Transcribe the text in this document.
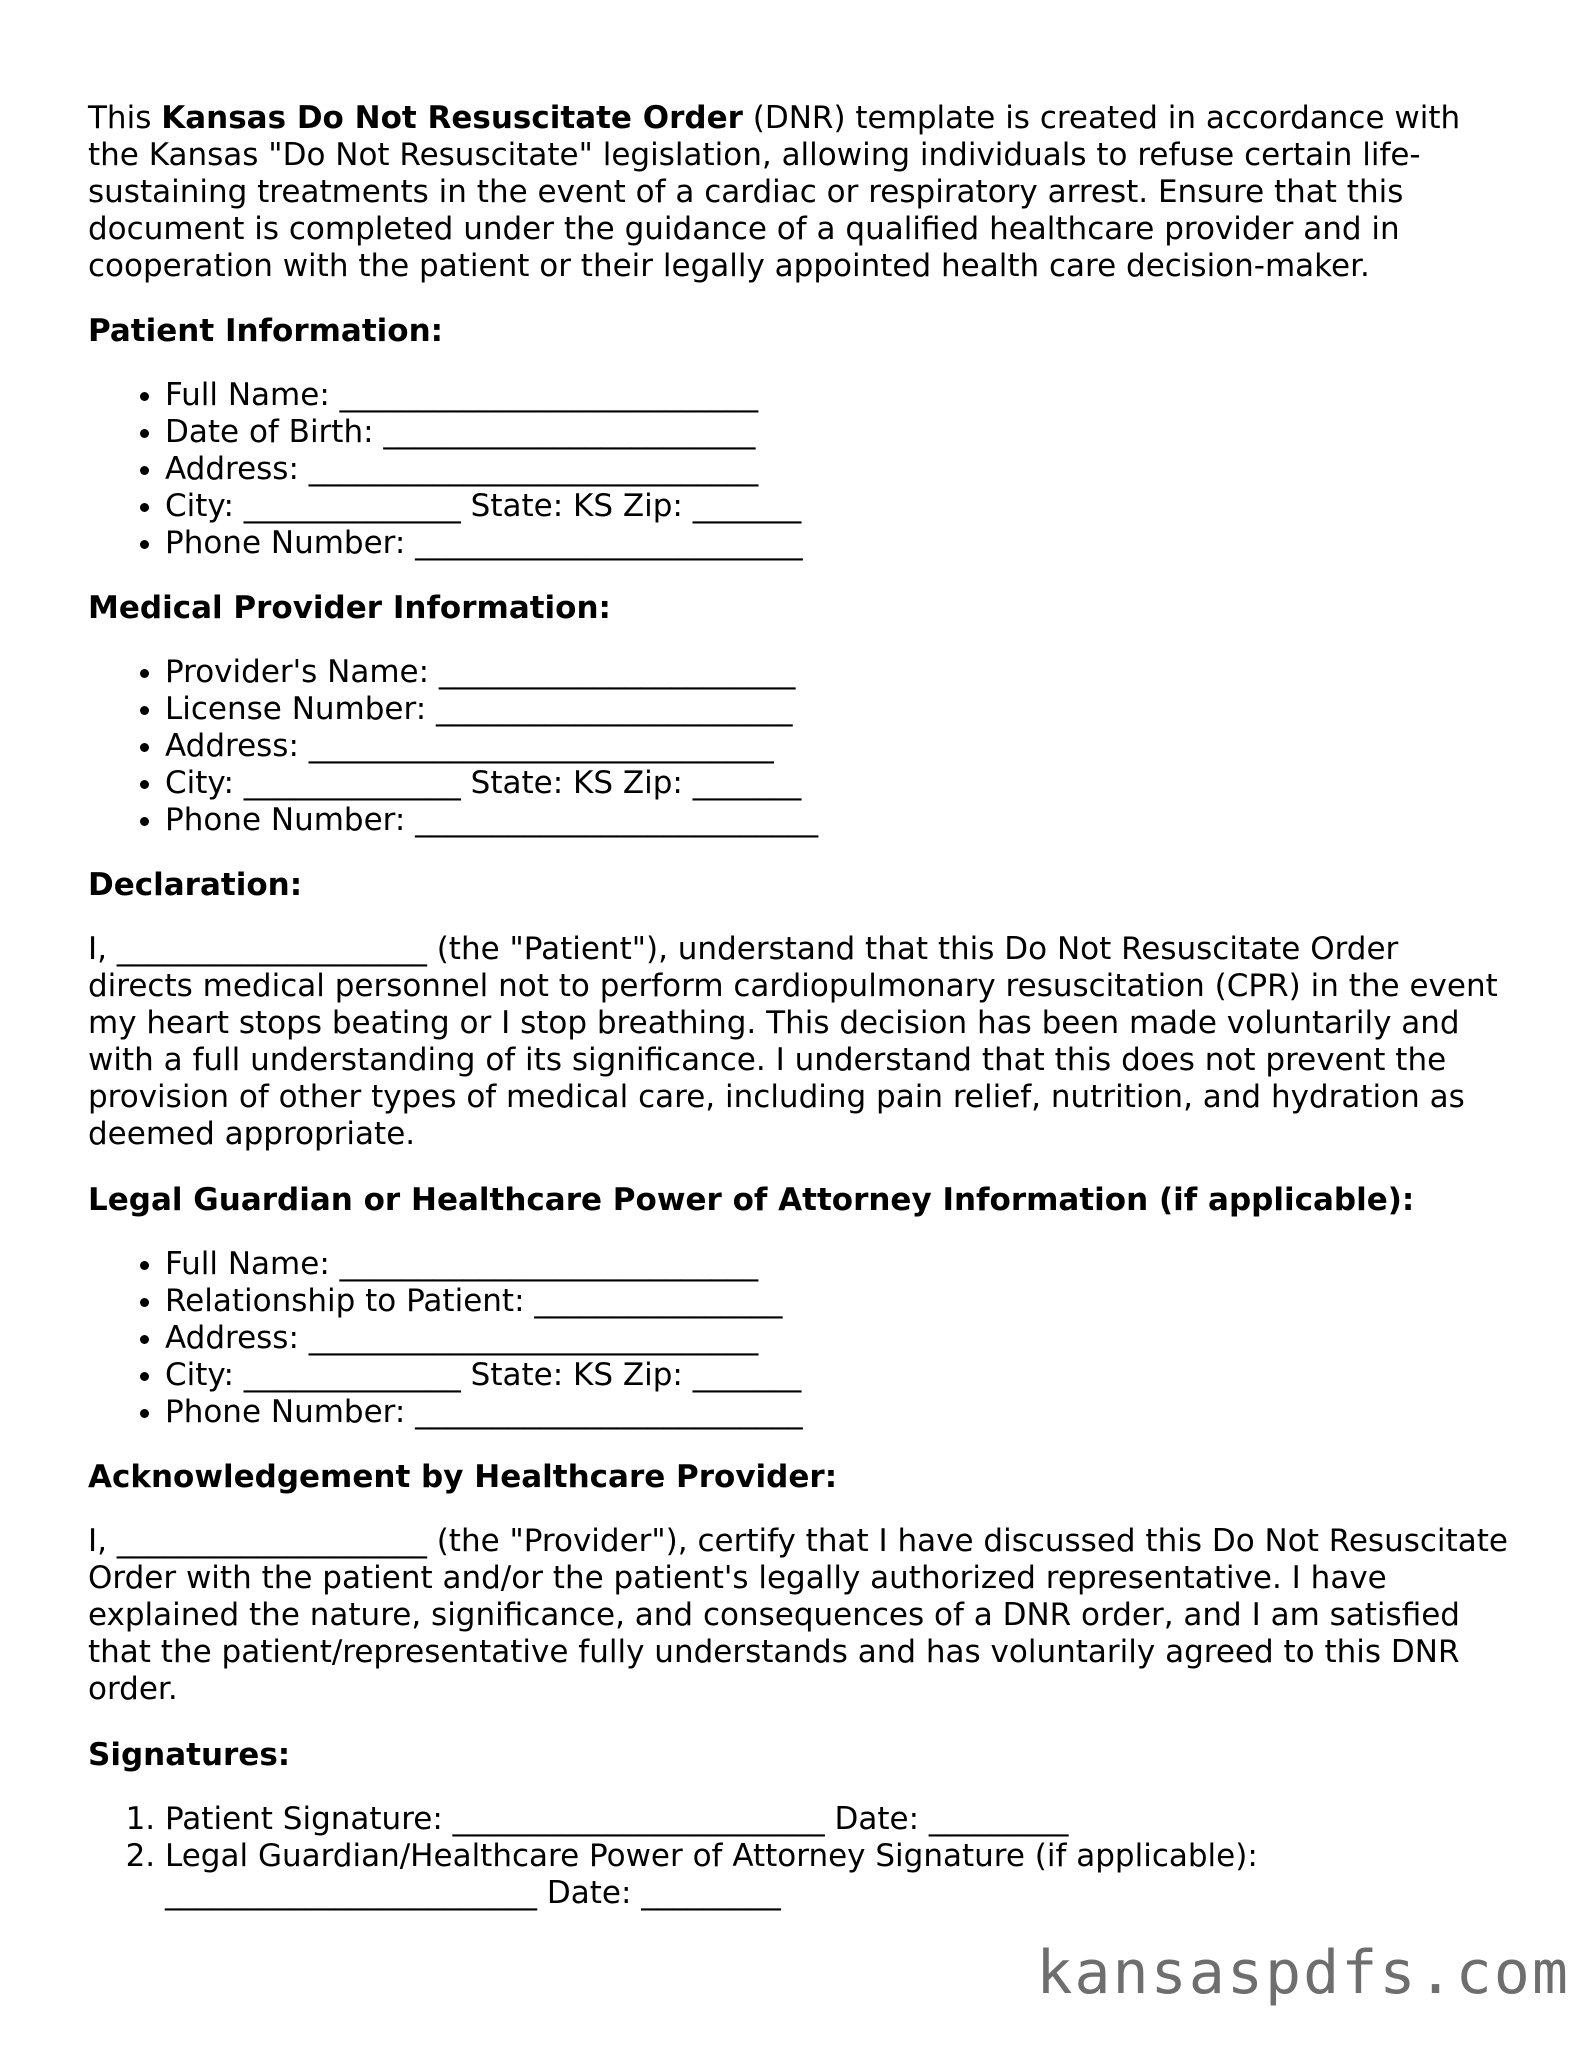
This Kansas Do Not Resuscitate Order (DNR) template is created in accordance with the Kansas "Do Not Resuscitate" legislation, allowing individuals to refuse certain life-sustaining treatments in the event of a cardiac or respiratory arrest. Ensure that this document is completed under the guidance of a qualified healthcare provider and in cooperation with the patient or their legally appointed health care decision-maker.

Patient Information:
• Full Name: ___________________________
• Date of Birth: ________________________
• Address: _____________________________
• City: ______________ State: KS Zip: _______
• Phone Number: _________________________
Medical Provider Information:
• Provider's Name: _______________________
• License Number: _______________________
• Address: ______________________________
• City: ______________ State: KS Zip: _______
• Phone Number: __________________________
Declaration:

I, ____________________ (the "Patient"), understand that this Do Not Resuscitate Order directs medical personnel not to perform cardiopulmonary resuscitation (CPR) in the event my heart stops beating or I stop breathing. This decision has been made voluntarily and with a full understanding of its significance. I understand that this does not prevent the provision of other types of medical care, including pain relief, nutrition, and hydration as deemed appropriate.

Legal Guardian or Healthcare Power of Attorney Information (if applicable):
• Full Name: ___________________________
• Relationship to Patient: ________________
• Address: _____________________________
• City: ______________ State: KS Zip: _______
• Phone Number: _________________________
Acknowledgement by Healthcare Provider:

I, ____________________ (the "Provider"), certify that I have discussed this Do Not Resuscitate Order with the patient and/or the patient's legally authorized representative. I have explained the nature, significance, and consequences of a DNR order, and I am satisfied that the patient/representative fully understands and has voluntarily agreed to this DNR order.

Signatures:
1. Patient Signature: ________________________ Date: _________
2. Legal Guardian/Healthcare Power of Attorney Signature (if applicable): ________________________ Date: _________
kansaspdfs.com
